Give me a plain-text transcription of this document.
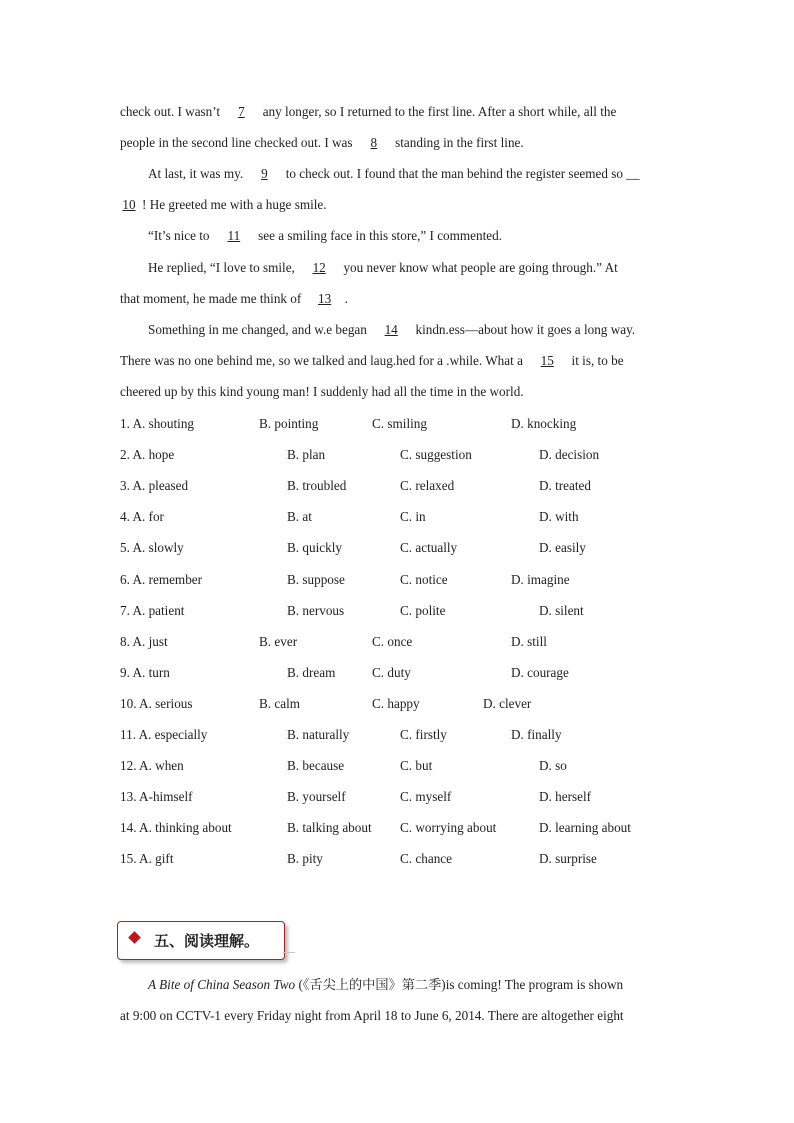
check out. I wasn’t 7 any longer, so I returned to the first line. After a short while, all the
people in the second line checked out. I was 8 standing in the first line.
At last, it was my. 9 to check out. I found that the man behind the register seemed so __
10 ! He greeted me with a huge smile.
“It’s nice to 11 see a smiling face in this store,” I commented.
He replied, “I love to smile, 12 you never know what people are going through.” At
that moment, he made me think of 13 .
Something in me changed, and w.e began 14 kindn.ess—about how it goes a long way.
There was no one behind me, so we talked and laug.hed for a .while. What a 15 it is, to be
cheered up by this kind young man! I suddenly had all the time in the world.
1. A. shouting	B. pointing	C. smiling	D. knocking
2. A. hope	B. plan	C. suggestion	D. decision
3. A. pleased	B. troubled	C. relaxed	D. treated
4. A. for	B. at	C. in	D. with
5. A. slowly	B. quickly	C. actually	D. easily
6. A. remember	B. suppose	C. notice	D. imagine
7. A. patient	B. nervous	C. polite	D. silent
8. A. just	B. ever	C. once	D. still
9. A. turn	B. dream	C. duty	D. courage
10. A. serious	B. calm	C. happy	D. clever
11. A. especially	B. naturally	C. firstly	D. finally
12. A. when	B. because	C. but	D. so
13. A-himself	B. yourself	C. myself	D. herself
14. A. thinking about	B. talking about C. worrying about	D. learning about
15. A. gift	B. pity	C. chance	D. surprise
五、阅读理解。
A Bite of China Season Two (《舌尖上的中国》第二季)is coming! The program is shown
at 9:00 on CCTV-1 every Friday night from April 18 to June 6, 2014. There are altogether eight
